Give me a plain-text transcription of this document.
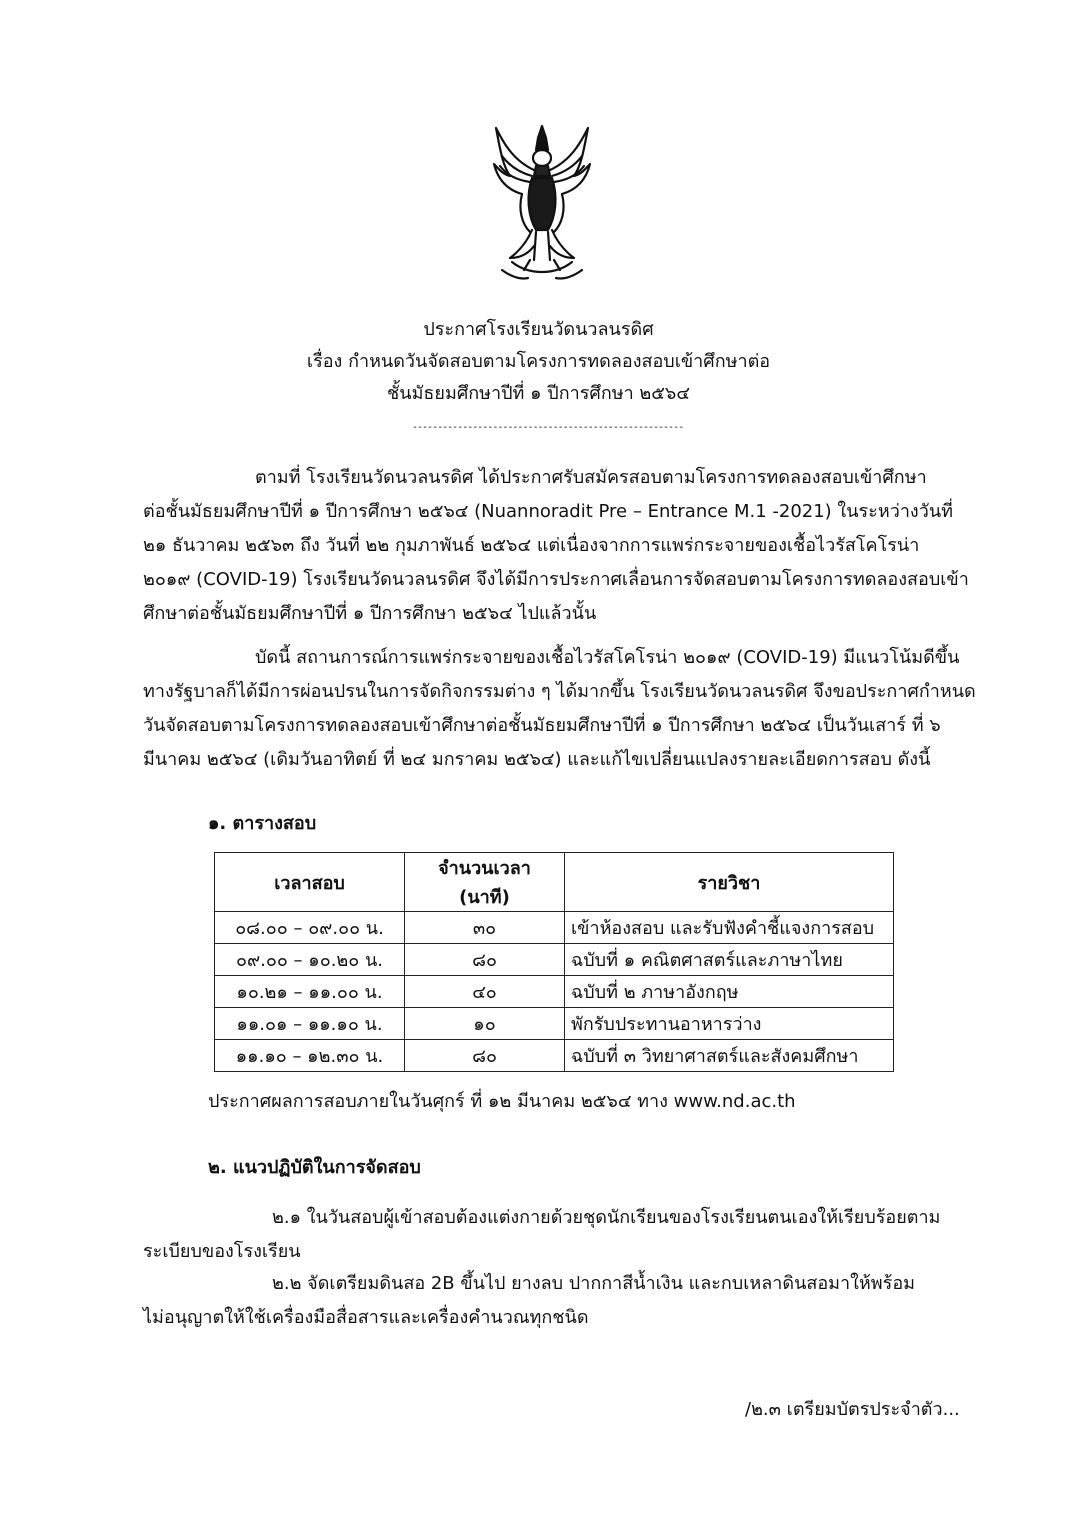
ประกาศโรงเรียนวัดนวลนรดิศ
เรื่อง กำหนดวันจัดสอบตามโครงการทดลองสอบเข้าศึกษาต่อ
ชั้นมัธยมศึกษาปีที่ ๑ ปีการศึกษา ๒๕๖๔
------------------------------------------------------
ตามที่ โรงเรียนวัดนวลนรดิศ ได้ประกาศรับสมัครสอบตามโครงการทดลองสอบเข้าศึกษา
ต่อชั้นมัธยมศึกษาปีที่ ๑ ปีการศึกษา ๒๕๖๔ (Nuannoradit Pre – Entrance M.1 -2021) ในระหว่างวันที่
๒๑ ธันวาคม ๒๕๖๓ ถึง วันที่ ๒๒ กุมภาพันธ์ ๒๕๖๔ แต่เนื่องจากการแพร่กระจายของเชื้อไวรัสโคโรน่า
๒๐๑๙ (COVID-19) โรงเรียนวัดนวลนรดิศ จึงได้มีการประกาศเลื่อนการจัดสอบตามโครงการทดลองสอบเข้า
ศึกษาต่อชั้นมัธยมศึกษาปีที่ ๑ ปีการศึกษา ๒๕๖๔ ไปแล้วนั้น
บัดนี้ สถานการณ์การแพร่กระจายของเชื้อไวรัสโคโรน่า ๒๐๑๙ (COVID-19) มีแนวโน้มดีขึ้น
ทางรัฐบาลก็ได้มีการผ่อนปรนในการจัดกิจกรรมต่าง ๆ ได้มากขึ้น โรงเรียนวัดนวลนรดิศ จึงขอประกาศกำหนด
วันจัดสอบตามโครงการทดลองสอบเข้าศึกษาต่อชั้นมัธยมศึกษาปีที่ ๑ ปีการศึกษา ๒๕๖๔ เป็นวันเสาร์ ที่ ๖
มีนาคม ๒๕๖๔ (เดิมวันอาทิตย์ ที่ ๒๔ มกราคม ๒๕๖๔) และแก้ไขเปลี่ยนแปลงรายละเอียดการสอบ ดังนี้
๑. ตารางสอบ
เวลาสอบ	จำนวนเวลา (นาที)	รายวิชา
๐๘.๐๐ – ๐๙.๐๐ น.	๓๐	เข้าห้องสอบ และรับฟังคำชี้แจงการสอบ
๐๙.๐๐ – ๑๐.๒๐ น.	๘๐	ฉบับที่ ๑ คณิตศาสตร์และภาษาไทย
๑๐.๒๑ – ๑๑.๐๐ น.	๔๐	ฉบับที่ ๒ ภาษาอังกฤษ
๑๑.๐๑ – ๑๑.๑๐ น.	๑๐	พักรับประทานอาหารว่าง
๑๑.๑๐ – ๑๒.๓๐ น.	๘๐	ฉบับที่ ๓ วิทยาศาสตร์และสังคมศึกษา
ประกาศผลการสอบภายในวันศุกร์ ที่ ๑๒ มีนาคม ๒๕๖๔ ทาง www.nd.ac.th
๒. แนวปฏิบัติในการจัดสอบ
๒.๑ ในวันสอบผู้เข้าสอบต้องแต่งกายด้วยชุดนักเรียนของโรงเรียนตนเองให้เรียบร้อยตาม
ระเบียบของโรงเรียน
๒.๒ จัดเตรียมดินสอ 2B ขึ้นไป ยางลบ ปากกาสีน้ำเงิน และกบเหลาดินสอมาให้พร้อม
ไม่อนุญาตให้ใช้เครื่องมือสื่อสารและเครื่องคำนวณทุกชนิด
/๒.๓ เตรียมบัตรประจำตัว...
